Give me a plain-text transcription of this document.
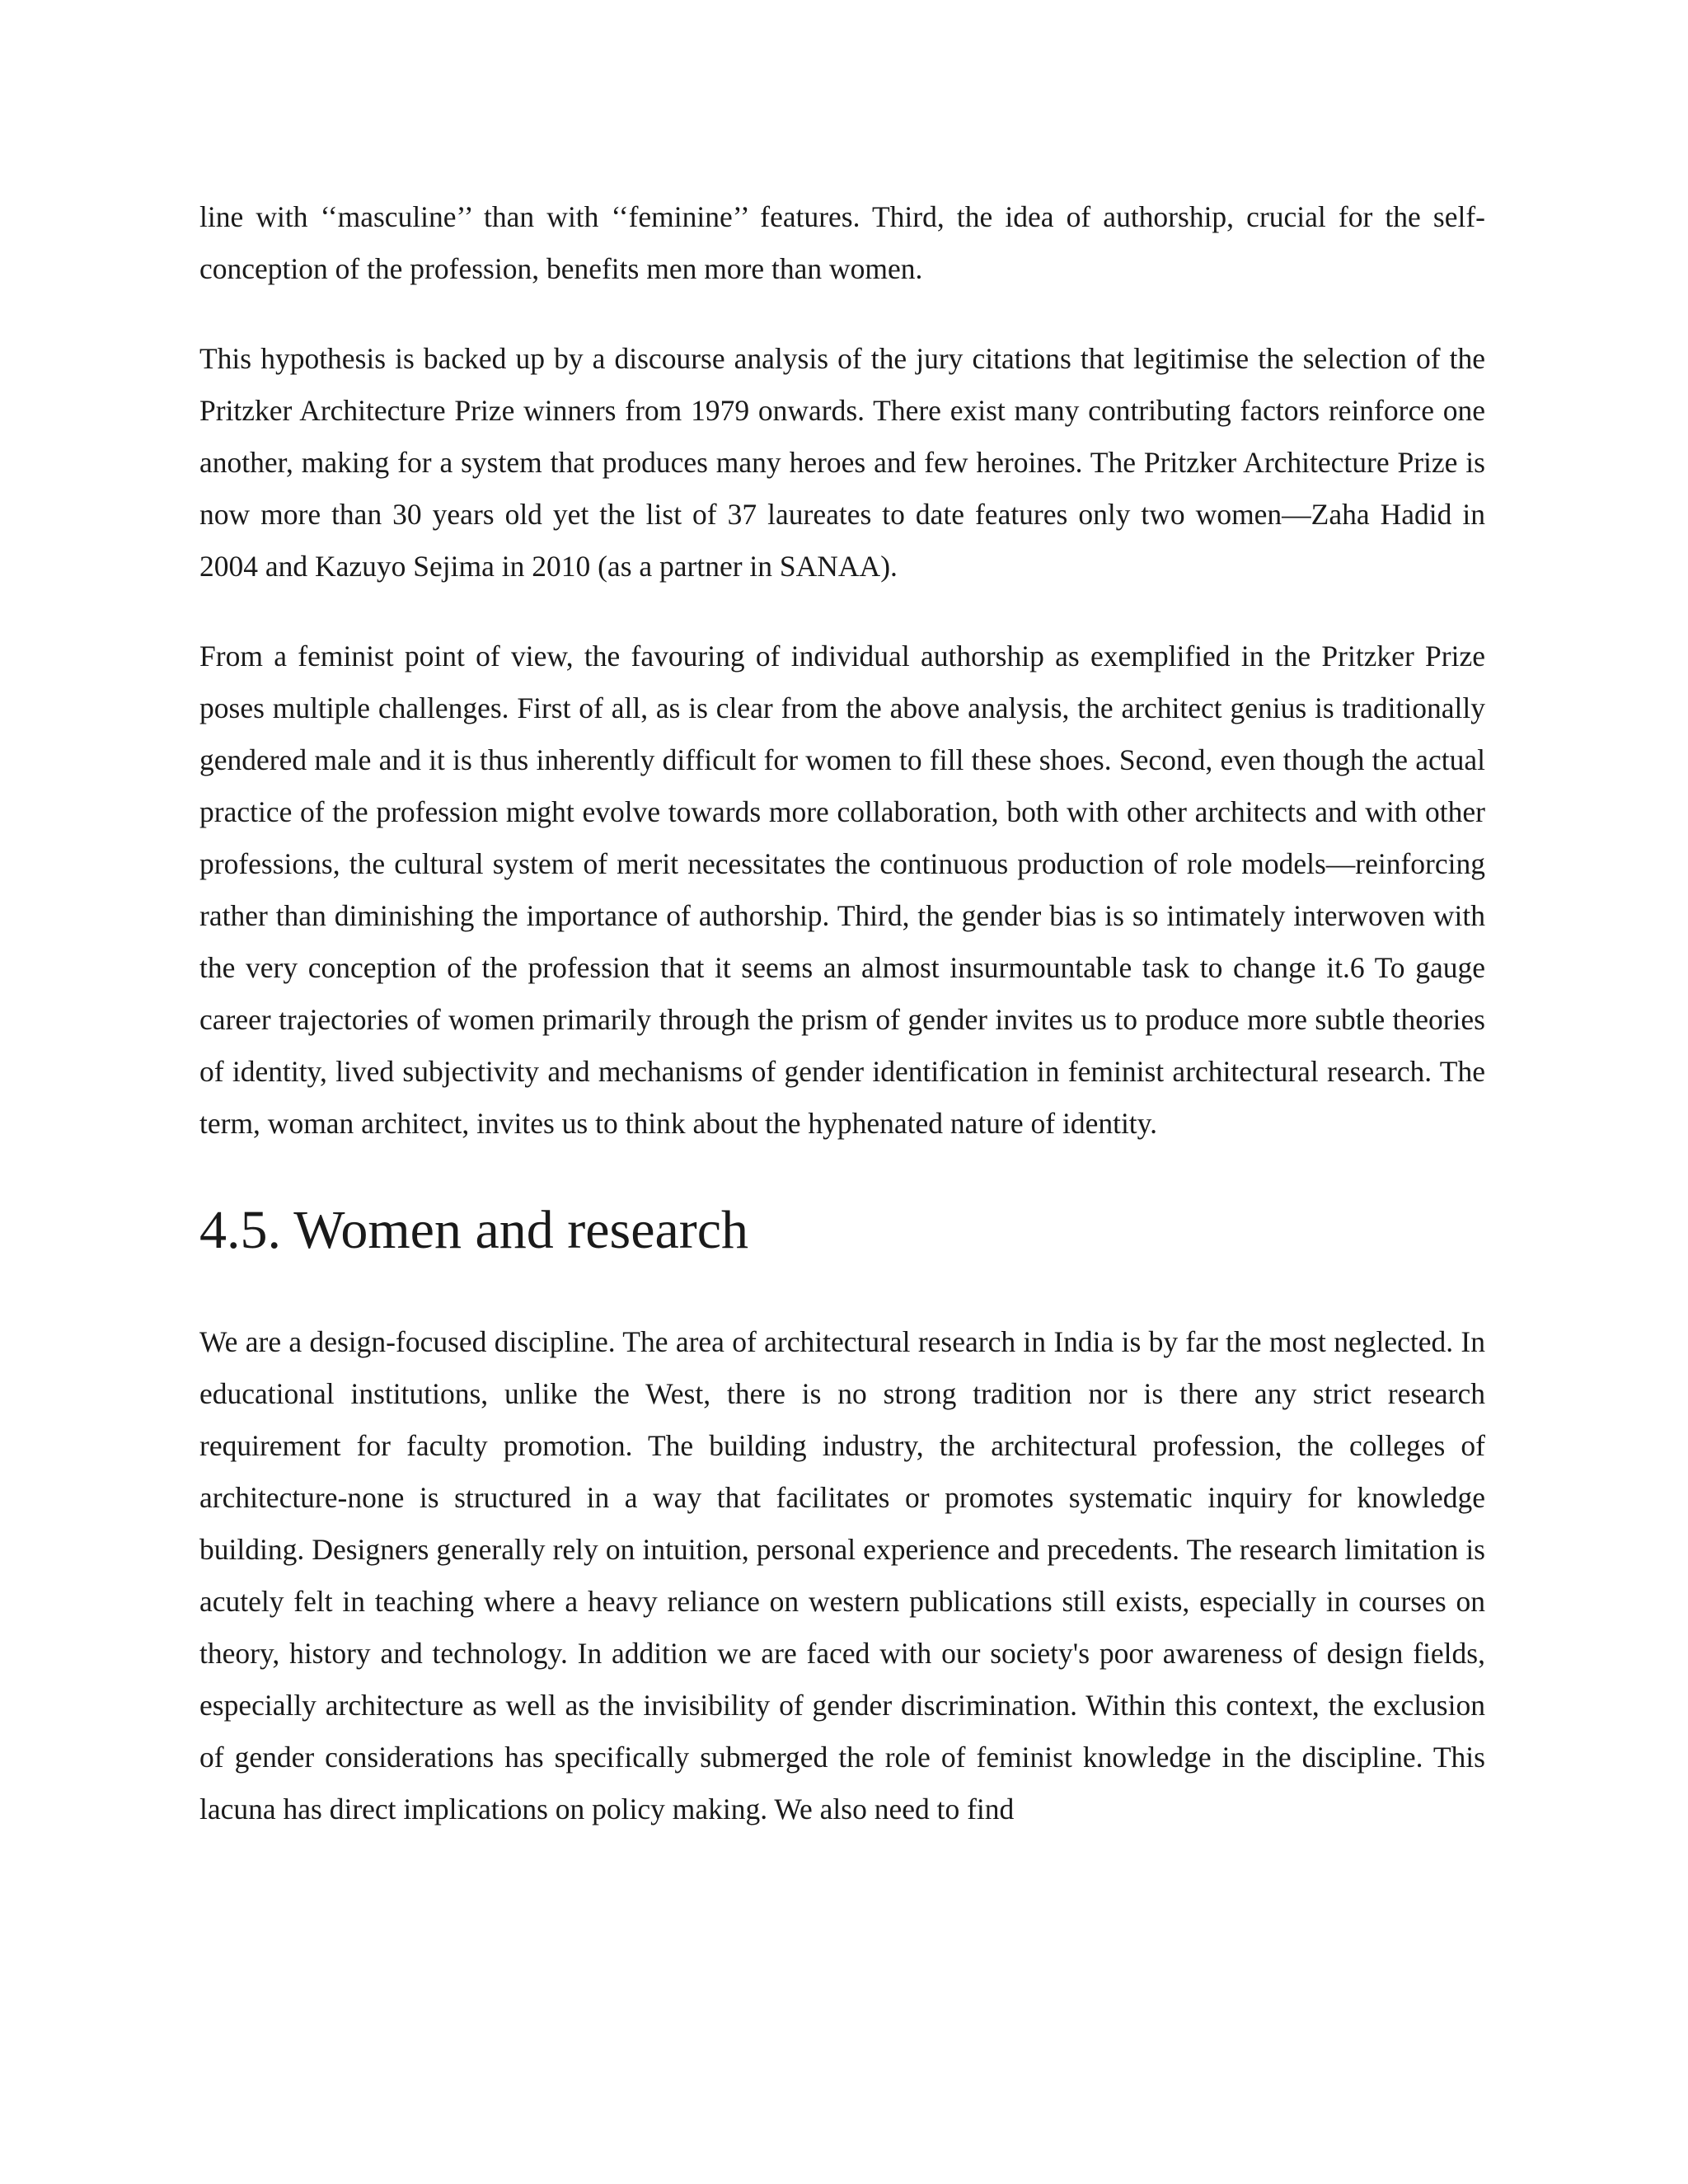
line with ‘‘masculine’’ than with ‘‘feminine’’ features. Third, the idea of authorship, crucial for the self-conception of the profession, benefits men more than women.

This hypothesis is backed up by a discourse analysis of the jury citations that legitimise the selection of the Pritzker Architecture Prize winners from 1979 onwards. There exist many contributing factors reinforce one another, making for a system that produces many heroes and few heroines. The Pritzker Architecture Prize is now more than 30 years old yet the list of 37 laureates to date features only two women—Zaha Hadid in 2004 and Kazuyo Sejima in 2010 (as a partner in SANAA).

From a feminist point of view, the favouring of individual authorship as exemplified in the Pritzker Prize poses multiple challenges. First of all, as is clear from the above analysis, the architect genius is traditionally gendered male and it is thus inherently difficult for women to fill these shoes. Second, even though the actual practice of the profession might evolve towards more collaboration, both with other architects and with other professions, the cultural system of merit necessitates the continuous production of role models—reinforcing rather than diminishing the importance of authorship. Third, the gender bias is so intimately interwoven with the very conception of the profession that it seems an almost insurmountable task to change it.6 To gauge career trajectories of women primarily through the prism of gender invites us to produce more subtle theories of identity, lived subjectivity and mechanisms of gender identification in feminist architectural research. The term, woman architect, invites us to think about the hyphenated nature of identity.

4.5. Women and research

We are a design-focused discipline. The area of architectural research in India is by far the most neglected. In educational institutions, unlike the West, there is no strong tradition nor is there any strict research requirement for faculty promotion. The building industry, the architectural profession, the colleges of architecture-none is structured in a way that facilitates or promotes systematic inquiry for knowledge building. Designers generally rely on intuition, personal experience and precedents. The research limitation is acutely felt in teaching where a heavy reliance on western publications still exists, especially in courses on theory, history and technology. In addition we are faced with our society's poor awareness of design fields, especially architecture as well as the invisibility of gender discrimination. Within this context, the exclusion of gender considerations has specifically submerged the role of feminist knowledge in the discipline. This lacuna has direct implications on policy making. We also need to find
